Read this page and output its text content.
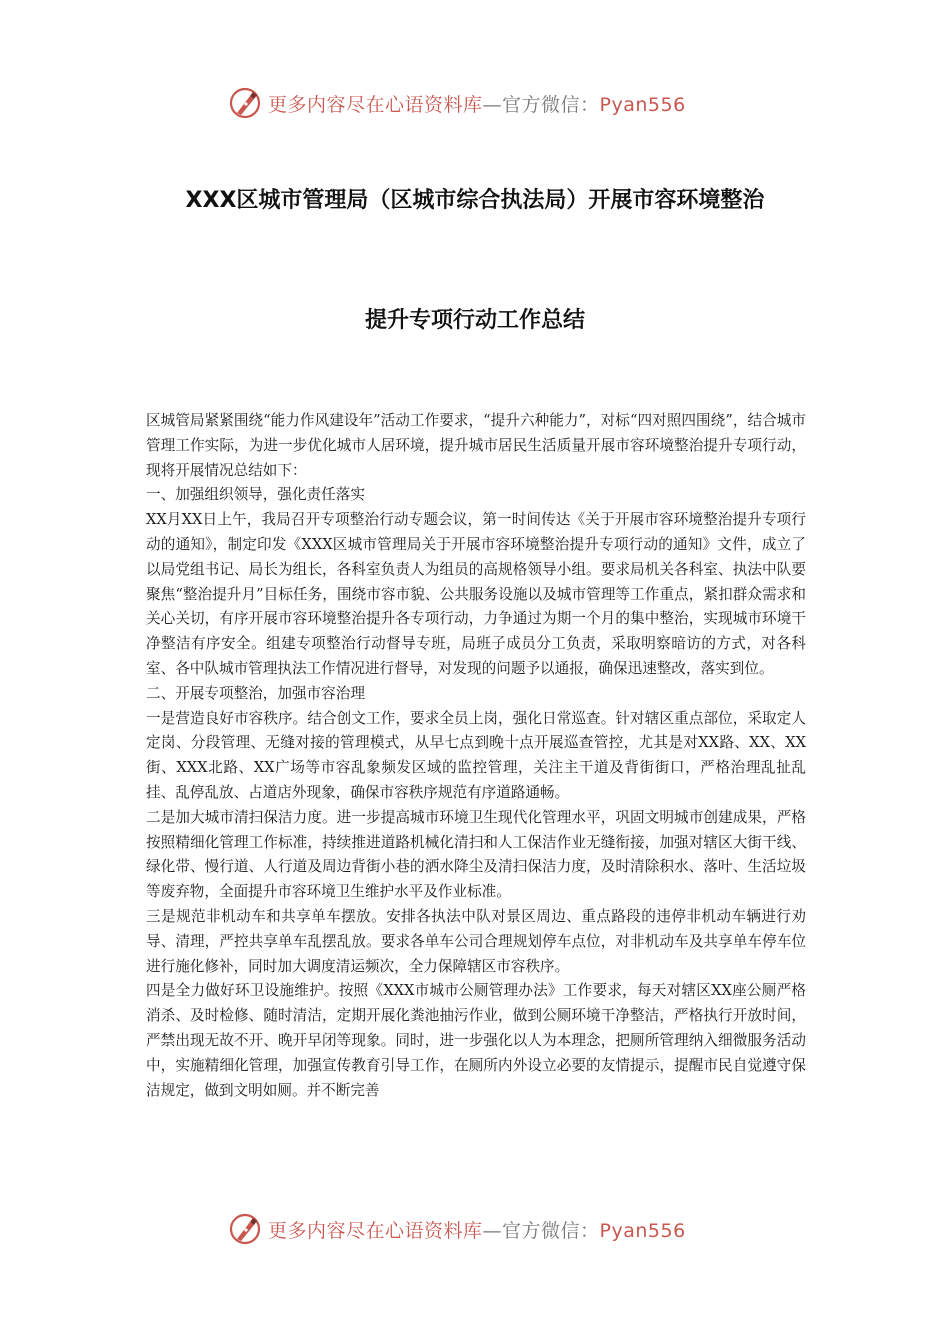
更多内容尽在心语资料库—官方微信：Pyan556
XXX区城市管理局（区城市综合执法局）开展市容环境整治
提升专项行动工作总结

区城管局紧紧围绕“能力作风建设年”活动工作要求，“提升六种能力”，对标“四对照四围绕”，结合城市管理工作实际，为进一步优化城市人居环境，提升城市居民生活质量开展市容环境整治提升专项行动，现将开展情况总结如下：

一、加强组织领导，强化责任落实

XX月XX日上午，我局召开专项整治行动专题会议，第一时间传达《关于开展市容环境整治提升专项行动的通知》，制定印发《XXX区城市管理局关于开展市容环境整治提升专项行动的通知》文件，成立了以局党组书记、局长为组长，各科室负责人为组员的高规格领导小组。要求局机关各科室、执法中队要聚焦“整治提升月”目标任务，围绕市容市貌、公共服务设施以及城市管理等工作重点，紧扣群众需求和关心关切，有序开展市容环境整治提升各专项行动，力争通过为期一个月的集中整治，实现城市环境干净整洁有序安全。组建专项整治行动督导专班，局班子成员分工负责，采取明察暗访的方式，对各科室、各中队城市管理执法工作情况进行督导，对发现的问题予以通报，确保迅速整改，落实到位。

二、开展专项整治，加强市容治理

一是营造良好市容秩序。结合创文工作，要求全员上岗，强化日常巡查。针对辖区重点部位，采取定人定岗、分段管理、无缝对接的管理模式，从早七点到晚十点开展巡查管控，尤其是对XX路、XX、XX街、XXX北路、XX广场等市容乱象频发区域的监控管理，关注主干道及背街街口，严格治理乱扯乱挂、乱停乱放、占道店外现象，确保市容秩序规范有序道路通畅。

二是加大城市清扫保洁力度。进一步提高城市环境卫生现代化管理水平，巩固文明城市创建成果，严格按照精细化管理工作标准，持续推进道路机械化清扫和人工保洁作业无缝衔接，加强对辖区大街干线、绿化带、慢行道、人行道及周边背街小巷的洒水降尘及清扫保洁力度，及时清除积水、落叶、生活垃圾等废弃物，全面提升市容环境卫生维护水平及作业标准。

三是规范非机动车和共享单车摆放。安排各执法中队对景区周边、重点路段的违停非机动车辆进行劝导、清理，严控共享单车乱摆乱放。要求各单车公司合理规划停车点位，对非机动车及共享单车停车位进行施化修补，同时加大调度清运频次，全力保障辖区市容秩序。

四是全力做好环卫设施维护。按照《XXX市城市公厕管理办法》工作要求，每天对辖区XX座公厕严格消杀、及时检修、随时清洁，定期开展化粪池抽污作业，做到公厕环境干净整洁，严格执行开放时间，严禁出现无故不开、晚开早闭等现象。同时，进一步强化以人为本理念，把厕所管理纳入细微服务活动中，实施精细化管理，加强宣传教育引导工作，在厕所内外设立必要的友情提示，提醒市民自觉遵守保洁规定，做到文明如厕。并不断完善

更多内容尽在心语资料库—官方微信：Pyan556
